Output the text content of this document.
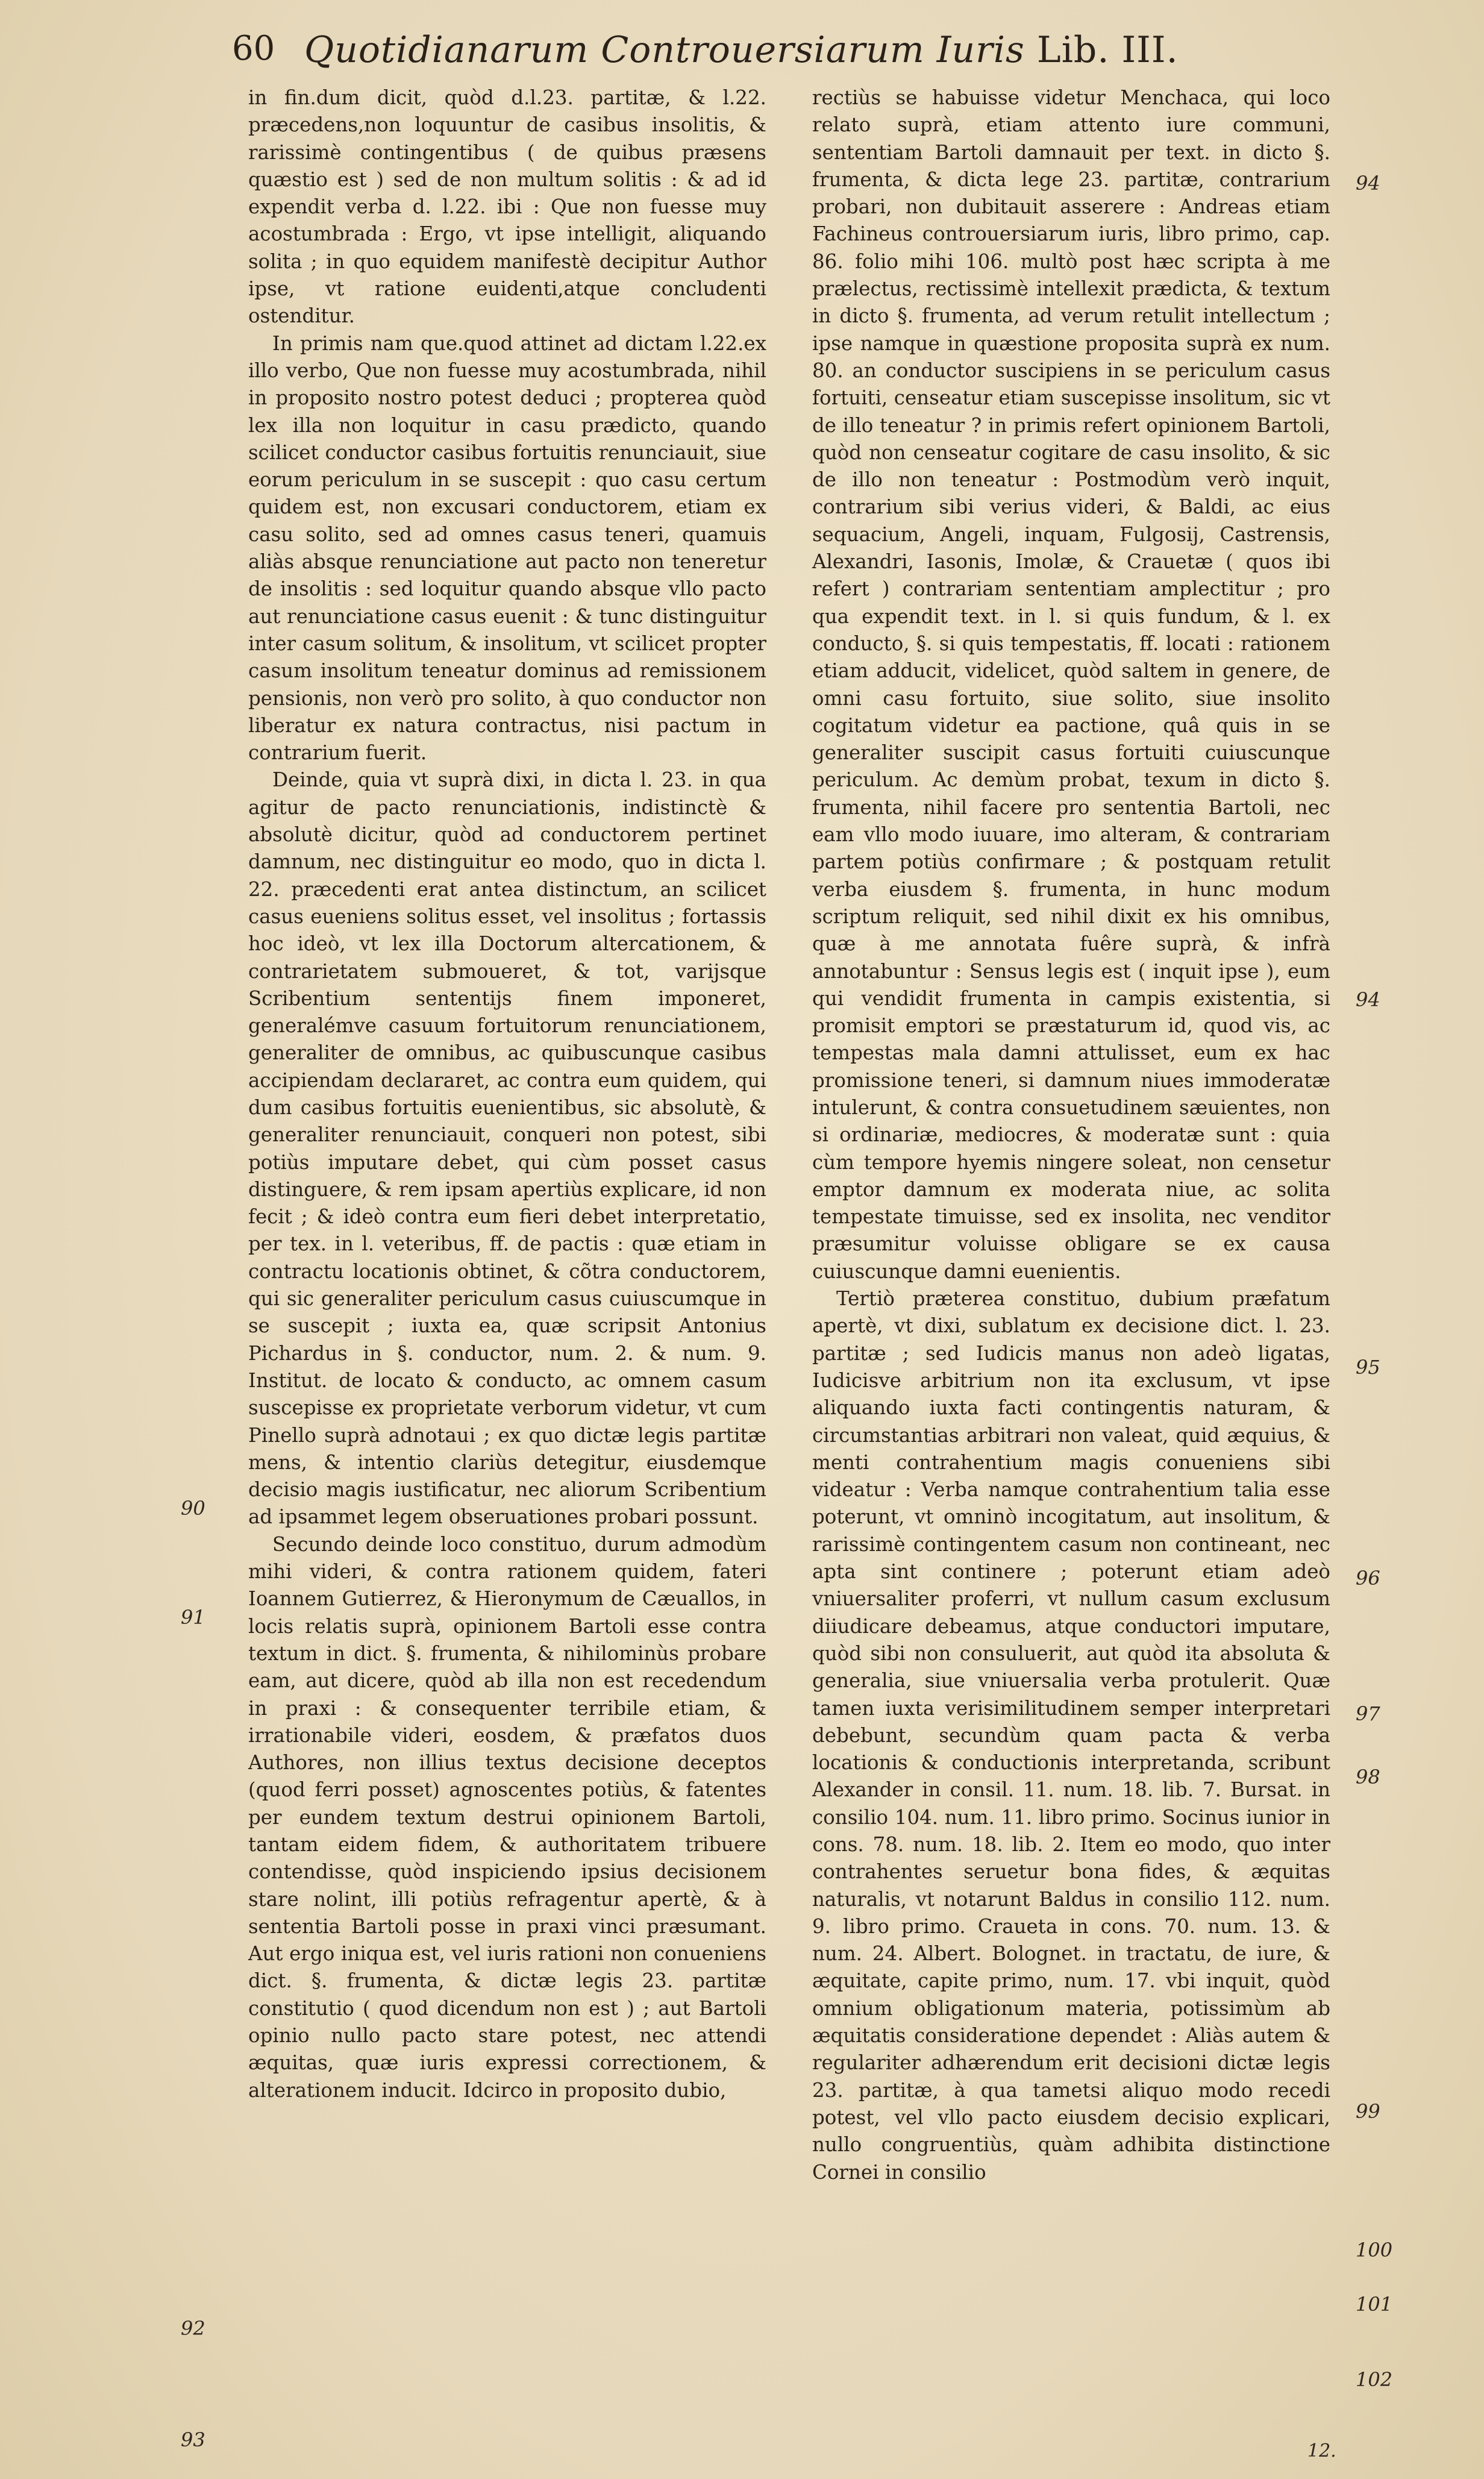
60 Quotidianarum Controuersiarum Iuris Lib. III.

in fin.dum dicit, quòd d.l.23. partitæ, & l.22. præcedens,non loquuntur de casibus insolitis, & rarissimè contingentibus ( de quibus præsens quæstio est ) sed de non multum solitis : & ad id expendit verba d. l.22. ibi : Que non fuesse muy acostumbrada : Ergo, vt ipse intelligit, aliquando solita ; in quo equidem manifestè decipitur Author ipse, vt ratione euidenti,atque concludenti ostenditur.

In primis nam que.quod attinet ad dictam l.22.ex illo verbo, Que non fuesse muy acostumbrada, nihil in proposito nostro potest deduci ; propterea quòd lex illa non loquitur in casu prædicto, quando scilicet conductor casibus fortuitis renunciauit, siue eorum periculum in se suscepit : quo casu certum quidem est, non excusari conductorem, etiam ex casu solito, sed ad omnes casus teneri, quamuis aliàs absque renunciatione aut pacto non teneretur de insolitis : sed loquitur quando absque vllo pacto aut renunciatione casus euenit : & tunc distinguitur inter casum solitum, & insolitum, vt scilicet propter casum insolitum teneatur dominus ad remissionem pensionis, non verò pro solito, à quo conductor non liberatur ex natura contractus, nisi pactum in contrarium fuerit.

Deinde, quia vt suprà dixi, in dicta l. 23. in qua agitur de pacto renunciationis, indistinctè & absolutè dicitur, quòd ad conductorem pertinet damnum, nec distinguitur eo modo, quo in dicta l. 22. præcedenti erat antea distinctum, an scilicet casus eueniens solitus esset, vel insolitus ; fortassis hoc ideò, vt lex illa Doctorum altercationem, & contrarietatem submoueret, & tot, varijsque Scribentium sententijs finem imponeret, generalémve casuum fortuitorum renunciationem, generaliter de omnibus, ac quibuscunque casibus accipiendam declararet, ac contra eum quidem, qui dum casibus fortuitis euenientibus, sic absolutè, & generaliter renunciauit, conqueri non potest, sibi potiùs imputare debet, qui cùm posset casus distinguere, & rem ipsam apertiùs explicare, id non fecit ; & ideò contra eum fieri debet interpretatio, per tex. in l. veteribus, ff. de pactis : quæ etiam in contractu locationis obtinet, & cõtra conductorem, qui sic generaliter periculum casus cuiuscumque in se suscepit ; iuxta ea, quæ scripsit Antonius Pichardus in §. conductor, num. 2. & num. 9. Institut. de locato & conducto, ac omnem casum suscepisse ex proprietate verborum videtur, vt cum Pinello suprà adnotaui ; ex quo dictæ legis partitæ mens, & intentio clariùs detegitur, eiusdemque decisio magis iustificatur, nec aliorum Scribentium ad ipsammet legem obseruationes probari possunt.

Secundo deinde loco constituo, durum admodùm mihi videri, & contra rationem quidem, fateri Ioannem Gutierrez, & Hieronymum de Cæuallos, in locis relatis suprà, opinionem Bartoli esse contra textum in dict. §. frumenta, & nihilominùs probare eam, aut dicere, quòd ab illa non est recedendum in praxi : & consequenter terribile etiam, & irrationabile videri, eosdem, & præfatos duos Authores, non illius textus decisione deceptos (quod ferri posset) agnoscentes potiùs, & fatentes per eundem textum destrui opinionem Bartoli, tantam eidem fidem, & authoritatem tribuere contendisse, quòd inspiciendo ipsius decisionem stare nolint, illi potiùs refragentur apertè, & à sententia Bartoli posse in praxi vinci præsumant. Aut ergo iniqua est, vel iuris rationi non conueniens dict. §. frumenta, & dictæ legis 23. partitæ constitutio ( quod dicendum non est ) ; aut Bartoli opinio nullo pacto stare potest, nec attendi æquitas, quæ iuris expressi correctionem, & alterationem inducit. Idcirco in proposito dubio,

rectiùs se habuisse videtur Menchaca, qui loco relato suprà, etiam attento iure communi, sententiam Bartoli damnauit per text. in dicto §. frumenta, & dicta lege 23. partitæ, contrarium probari, non dubitauit asserere : Andreas etiam Fachineus controuersiarum iuris, libro primo, cap. 86. folio mihi 106. multò post hæc scripta à me prælectus, rectissimè intellexit prædicta, & textum in dicto §. frumenta, ad verum retulit intellectum ; ipse namque in quæstione proposita suprà ex num. 80. an conductor suscipiens in se periculum casus fortuiti, censeatur etiam suscepisse insolitum, sic vt de illo teneatur ? in primis refert opinionem Bartoli, quòd non censeatur cogitare de casu insolito, & sic de illo non teneatur : Postmodùm verò inquit, contrarium sibi verius videri, & Baldi, ac eius sequacium, Angeli, inquam, Fulgosij, Castrensis, Alexandri, Iasonis, Imolæ, & Crauetæ ( quos ibi refert ) contrariam sententiam amplectitur ; pro qua expendit text. in l. si quis fundum, & l. ex conducto, §. si quis tempestatis, ff. locati : rationem etiam adducit, videlicet, quòd saltem in genere, de omni casu fortuito, siue solito, siue insolito cogitatum videtur ea pactione, quâ quis in se generaliter suscipit casus fortuiti cuiuscunque periculum. Ac demùm probat, texum in dicto §. frumenta, nihil facere pro sententia Bartoli, nec eam vllo modo iuuare, imo alteram, & contrariam partem potiùs confirmare ; & postquam retulit verba eiusdem §. frumenta, in hunc modum scriptum reliquit, sed nihil dixit ex his omnibus, quæ à me annotata fuêre suprà, & infrà annotabuntur : Sensus legis est ( inquit ipse ), eum qui vendidit frumenta in campis existentia, si promisit emptori se præstaturum id, quod vis, ac tempestas mala damni attulisset, eum ex hac promissione teneri, si damnum niues immoderatæ intulerunt, & contra consuetudinem sæuientes, non si ordinariæ, mediocres, & moderatæ sunt : quia cùm tempore hyemis ningere soleat, non censetur emptor damnum ex moderata niue, ac solita tempestate timuisse, sed ex insolita, nec venditor præsumitur voluisse obligare se ex causa cuiuscunque damni euenientis.

Tertiò præterea constituo, dubium præfatum apertè, vt dixi, sublatum ex decisione dict. l. 23. partitæ ; sed Iudicis manus non adeò ligatas, Iudicisve arbitrium non ita exclusum, vt ipse aliquando iuxta facti contingentis naturam, & circumstantias arbitrari non valeat, quid æquius, & menti contrahentium magis conueniens sibi videatur : Verba namque contrahentium talia esse poterunt, vt omninò incogitatum, aut insolitum, & rarissimè contingentem casum non contineant, nec apta sint continere ; poterunt etiam adeò vniuersaliter proferri, vt nullum casum exclusum diiudicare debeamus, atque conductori imputare, quòd sibi non consuluerit, aut quòd ita absoluta & generalia, siue vniuersalia verba protulerit. Quæ tamen iuxta verisimilitudinem semper interpretari debebunt, secundùm quam pacta & verba locationis & conductionis interpretanda, scribunt Alexander in consil. 11. num. 18. lib. 7. Bursat. in consilio 104. num. 11. libro primo. Socinus iunior in cons. 78. num. 18. lib. 2. Item eo modo, quo inter contrahentes seruetur bona fides, & æquitas naturalis, vt notarunt Baldus in consilio 112. num. 9. libro primo. Craueta in cons. 70. num. 13. & num. 24. Albert. Bolognet. in tractatu, de iure, & æquitate, capite primo, num. 17. vbi inquit, quòd omnium obligationum materia, potissimùm ab æquitatis consideratione dependet : Aliàs autem & regulariter adhærendum erit decisioni dictæ legis 23. partitæ, à qua tametsi aliquo modo recedi potest, vel vllo pacto eiusdem decisio explicari, nullo congruentiùs, quàm adhibita distinctione Cornei in consilio

90
91
92
93
94
94
95
96
97
98
99
100
101
102
12.
